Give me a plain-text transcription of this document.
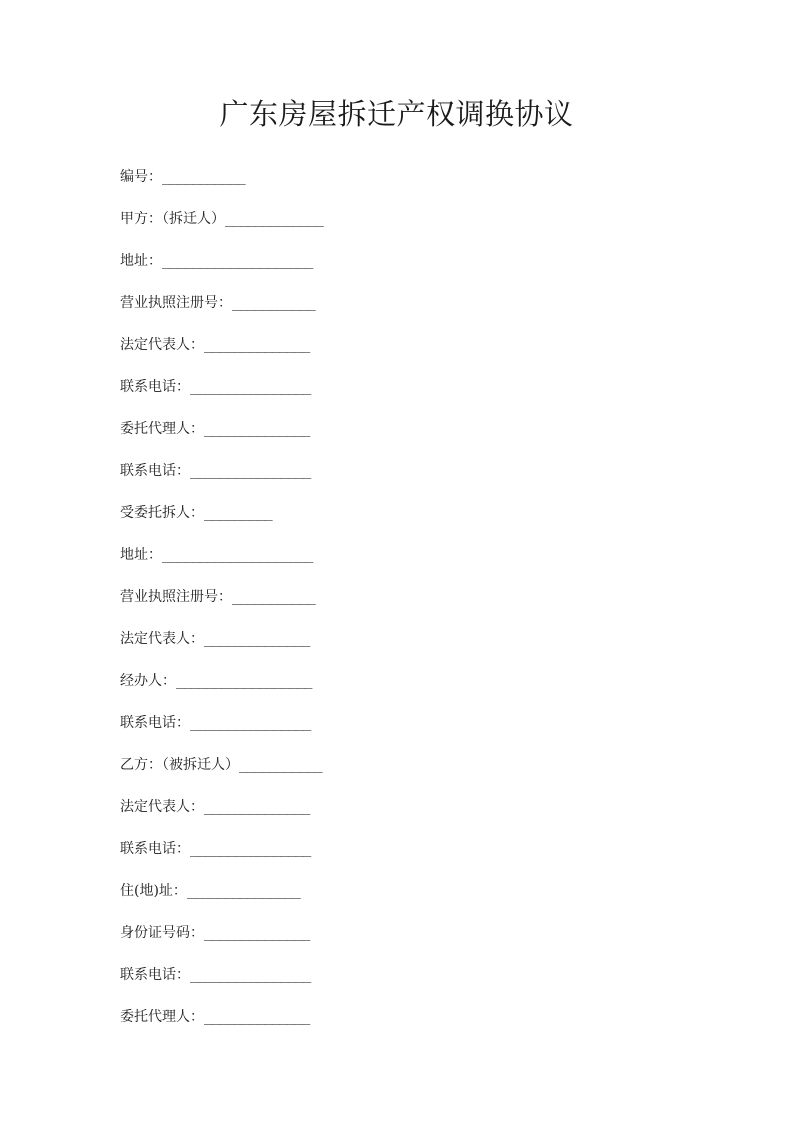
广东房屋拆迁产权调换协议
编号： ___________
甲方：（拆迁人） _____________
地址： ____________________
营业执照注册号： ___________
法定代表人： ______________
联系电话： ________________
委托代理人： ______________
联系电话： ________________
受委托拆人： _________
地址： ____________________
营业执照注册号： ___________
法定代表人： ______________
经办人： __________________
联系电话： ________________
乙方：（被拆迁人） ___________
法定代表人： ______________
联系电话： ________________
住(地)址： _______________
身份证号码： ______________
联系电话： ________________
委托代理人： ______________
